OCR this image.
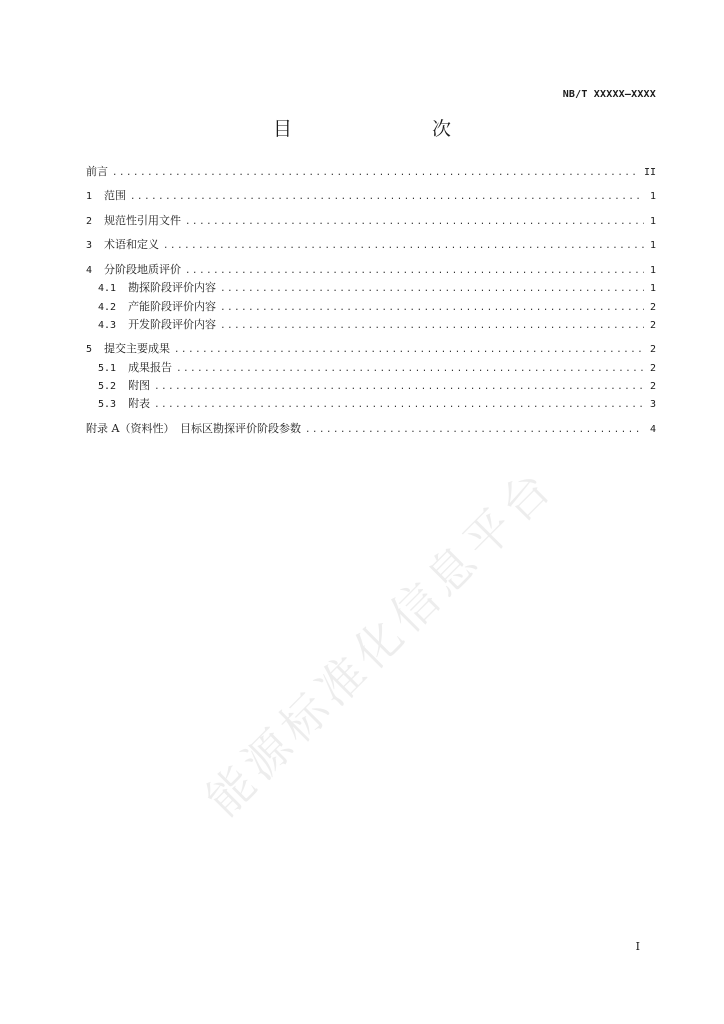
NB/T XXXXX—XXXX
目　　次
前言 .....	II
1 范围 .....	1
2 规范性引用文件 .....	1
3 术语和定义 .....	1
4 分阶段地质评价 .....	1
4.1 勘探阶段评价内容 .....	1
4.2 产能阶段评价内容 .....	2
4.3 开发阶段评价内容 .....	2
5 提交主要成果 .....	2
5.1 成果报告 .....	2
5.2 附图 .....	2
5.3 附表 .....	3
附录 A（资料性）　目标区勘探评价阶段参数 .....	4
能源标准化信息平台
I
